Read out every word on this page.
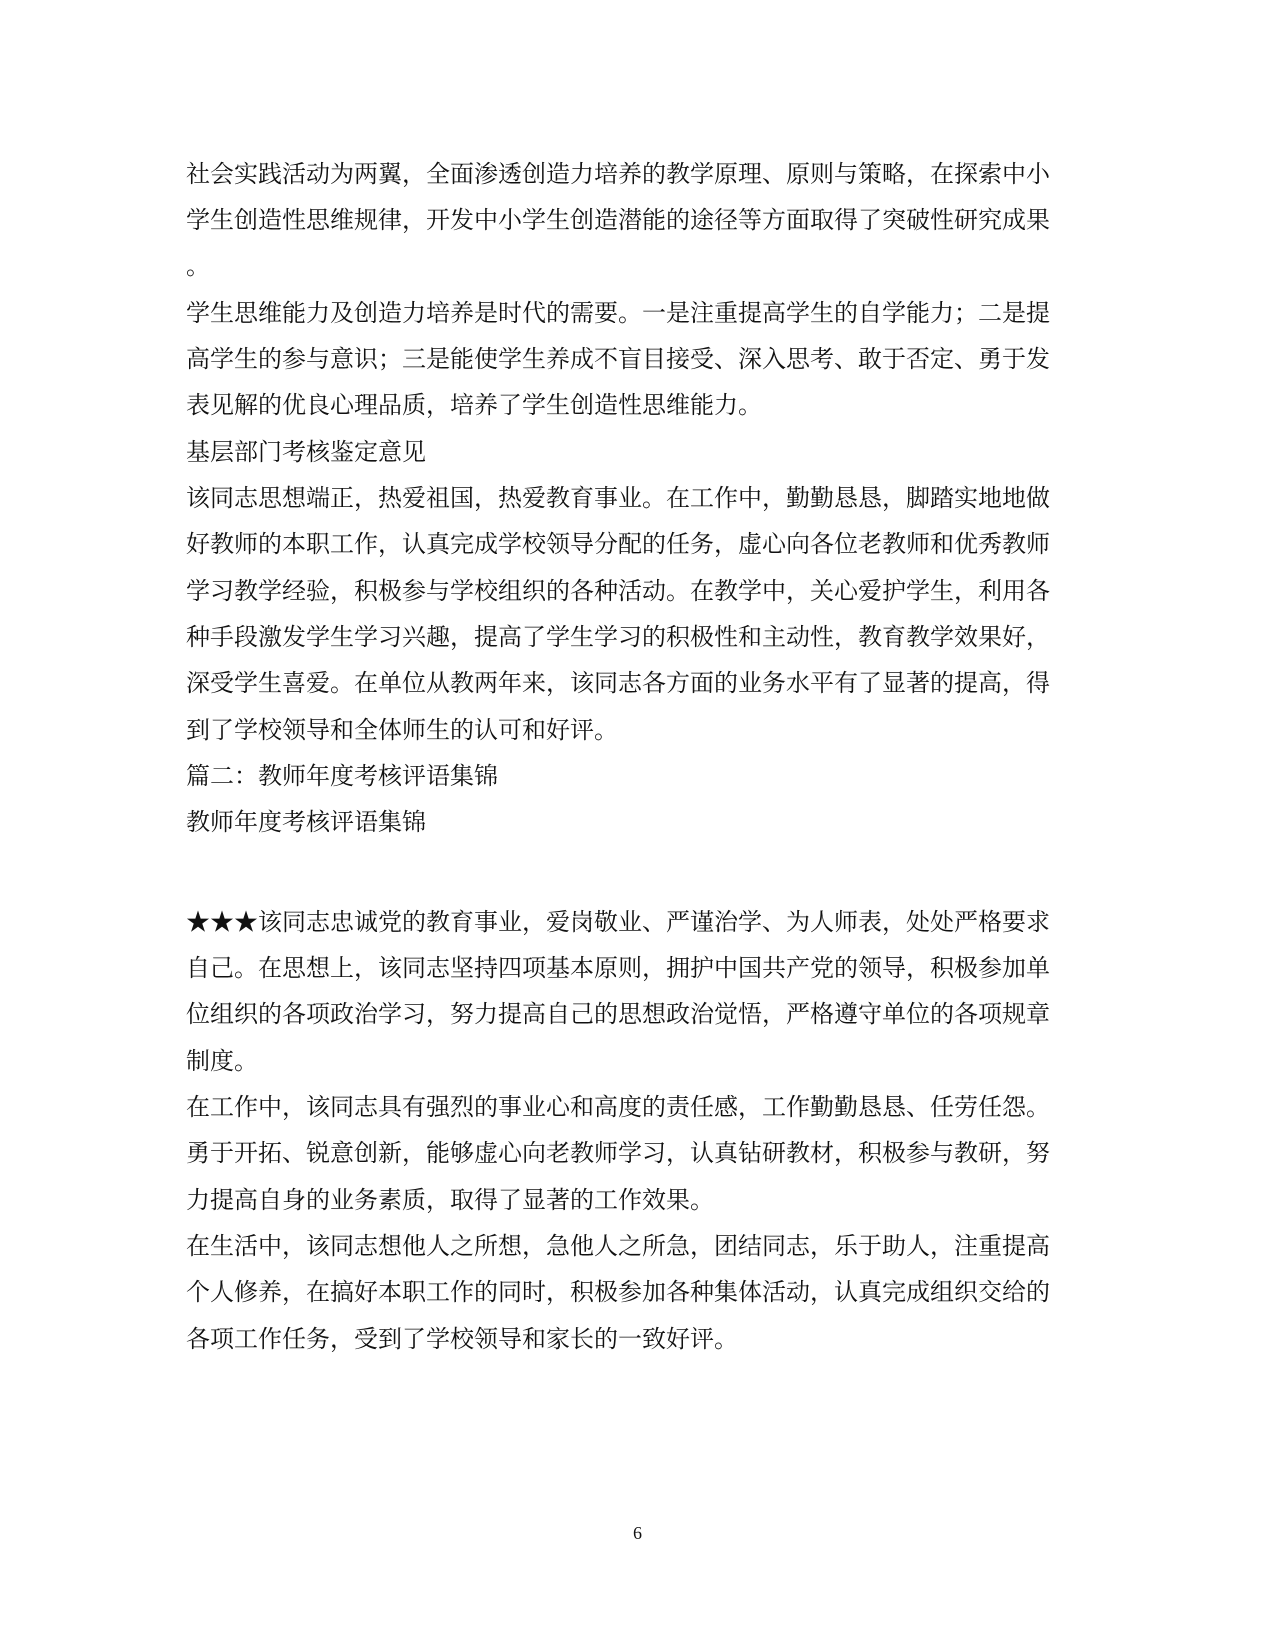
社会实践活动为两翼，全面渗透创造力培养的教学原理、原则与策略，在探索中小

学生创造性思维规律，开发中小学生创造潜能的途径等方面取得了突破性研究成果

。

学生思维能力及创造力培养是时代的需要。一是注重提高学生的自学能力；二是提

高学生的参与意识；三是能使学生养成不盲目接受、深入思考、敢于否定、勇于发

表见解的优良心理品质，培养了学生创造性思维能力。

基层部门考核鉴定意见

该同志思想端正，热爱祖国，热爱教育事业。在工作中，勤勤恳恳，脚踏实地地做

好教师的本职工作，认真完成学校领导分配的任务，虚心向各位老教师和优秀教师

学习教学经验，积极参与学校组织的各种活动。在教学中，关心爱护学生，利用各

种手段激发学生学习兴趣，提高了学生学习的积极性和主动性，教育教学效果好，

深受学生喜爱。在单位从教两年来，该同志各方面的业务水平有了显著的提高，得

到了学校领导和全体师生的认可和好评。

篇二：教师年度考核评语集锦

教师年度考核评语集锦

★★★该同志忠诚党的教育事业，爱岗敬业、严谨治学、为人师表，处处严格要求

自己。在思想上，该同志坚持四项基本原则，拥护中国共产党的领导，积极参加单

位组织的各项政治学习，努力提高自己的思想政治觉悟，严格遵守单位的各项规章

制度。

在工作中，该同志具有强烈的事业心和高度的责任感，工作勤勤恳恳、任劳任怨。

勇于开拓、锐意创新，能够虚心向老教师学习，认真钻研教材，积极参与教研，努

力提高自身的业务素质，取得了显著的工作效果。

在生活中，该同志想他人之所想，急他人之所急，团结同志，乐于助人，注重提高

个人修养，在搞好本职工作的同时，积极参加各种集体活动，认真完成组织交给的

各项工作任务，受到了学校领导和家长的一致好评。

6
